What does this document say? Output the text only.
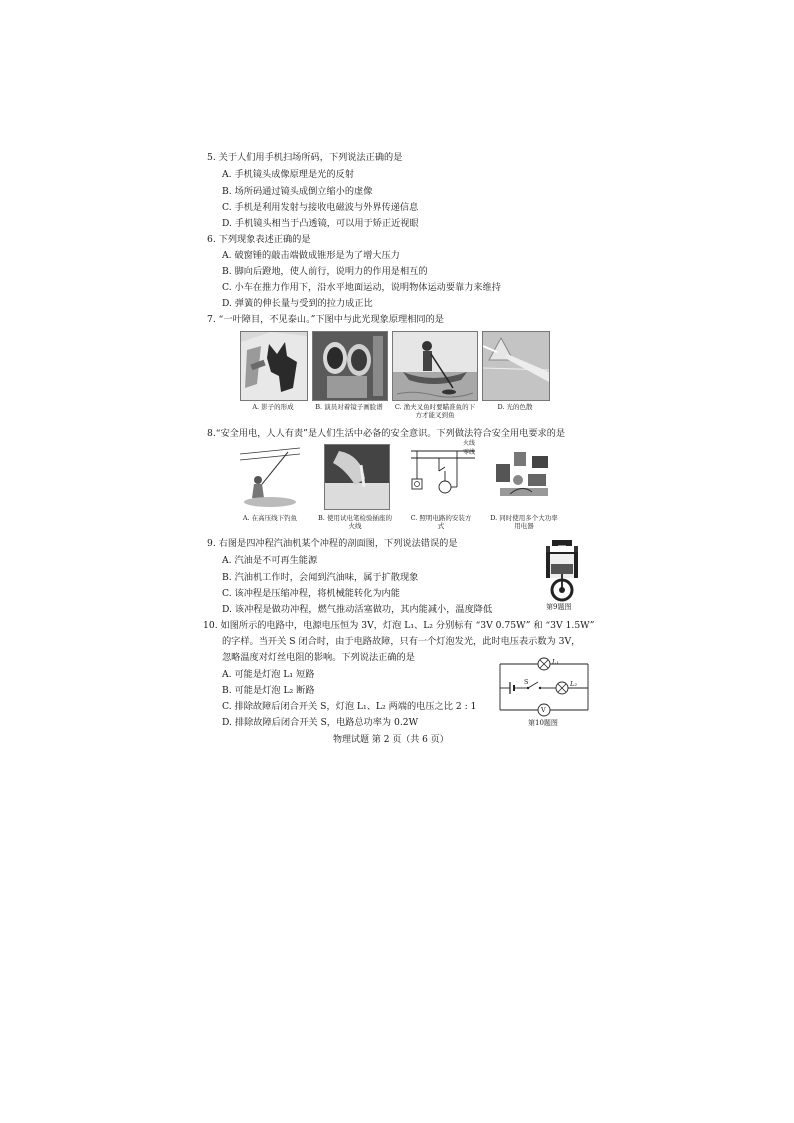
5. 关于人们用手机扫场所码，下列说法正确的是
A. 手机镜头成像原理是光的反射
B. 场所码通过镜头成倒立缩小的虚像
C. 手机是利用发射与接收电磁波与外界传递信息
D. 手机镜头相当于凸透镜，可以用于矫正近视眼
6. 下列现象表述正确的是
A. 破窗锤的敲击端做成锥形是为了增大压力
B. 脚向后蹬地，使人前行，说明力的作用是相互的
C. 小车在推力作用下，沿水平地面运动，说明物体运动要靠力来维持
D. 弹簧的伸长量与受到的拉力成正比
7. “一叶障目，不见泰山。”下图中与此光现象原理相同的是
A. 影子的形成	B. 演员对着镜子画脸谱	C. 渔夫叉鱼时要瞄准鱼的下方才能叉到鱼
D. 光的色散
8.“安全用电，人人有责”是人们生活中必备的安全意识。下列做法符合安全用电要求的是
火线
零线
A. 在高压线下钓鱼	B. 使用试电笔检验插座的火线
C. 照明电路的安装方式
D. 同时使用多个大功率用电器
9. 右图是四冲程汽油机某个冲程的剖面图，下列说法错误的是
A. 汽油是不可再生能源
B. 汽油机工作时，会闻到汽油味，属于扩散现象
C. 该冲程是压缩冲程，将机械能转化为内能
D. 该冲程是做功冲程，燃气推动活塞做功，其内能减小，温度降低	第9题图
10. 如图所示的电路中，电源电压恒为 3V，灯泡 L₁、L₂ 分别标有 “3V 0.75W” 和 “3V 1.5W”
的字样。当开关 S 闭合时，由于电路故障，只有一个灯泡发光，此时电压表示数为 3V，
忽略温度对灯丝电阻的影响。下列说法正确的是
A. 可能是灯泡 L₁ 短路
B. 可能是灯泡 L₂ 断路
C. 排除故障后闭合开关 S，灯泡 L₁、L₂ 两端的电压之比 2 : 1
D. 排除故障后闭合开关 S，电路总功率为 0.2W
L₁
S	L₂
V
第10题图
物理试题 第 2 页（共 6 页）
